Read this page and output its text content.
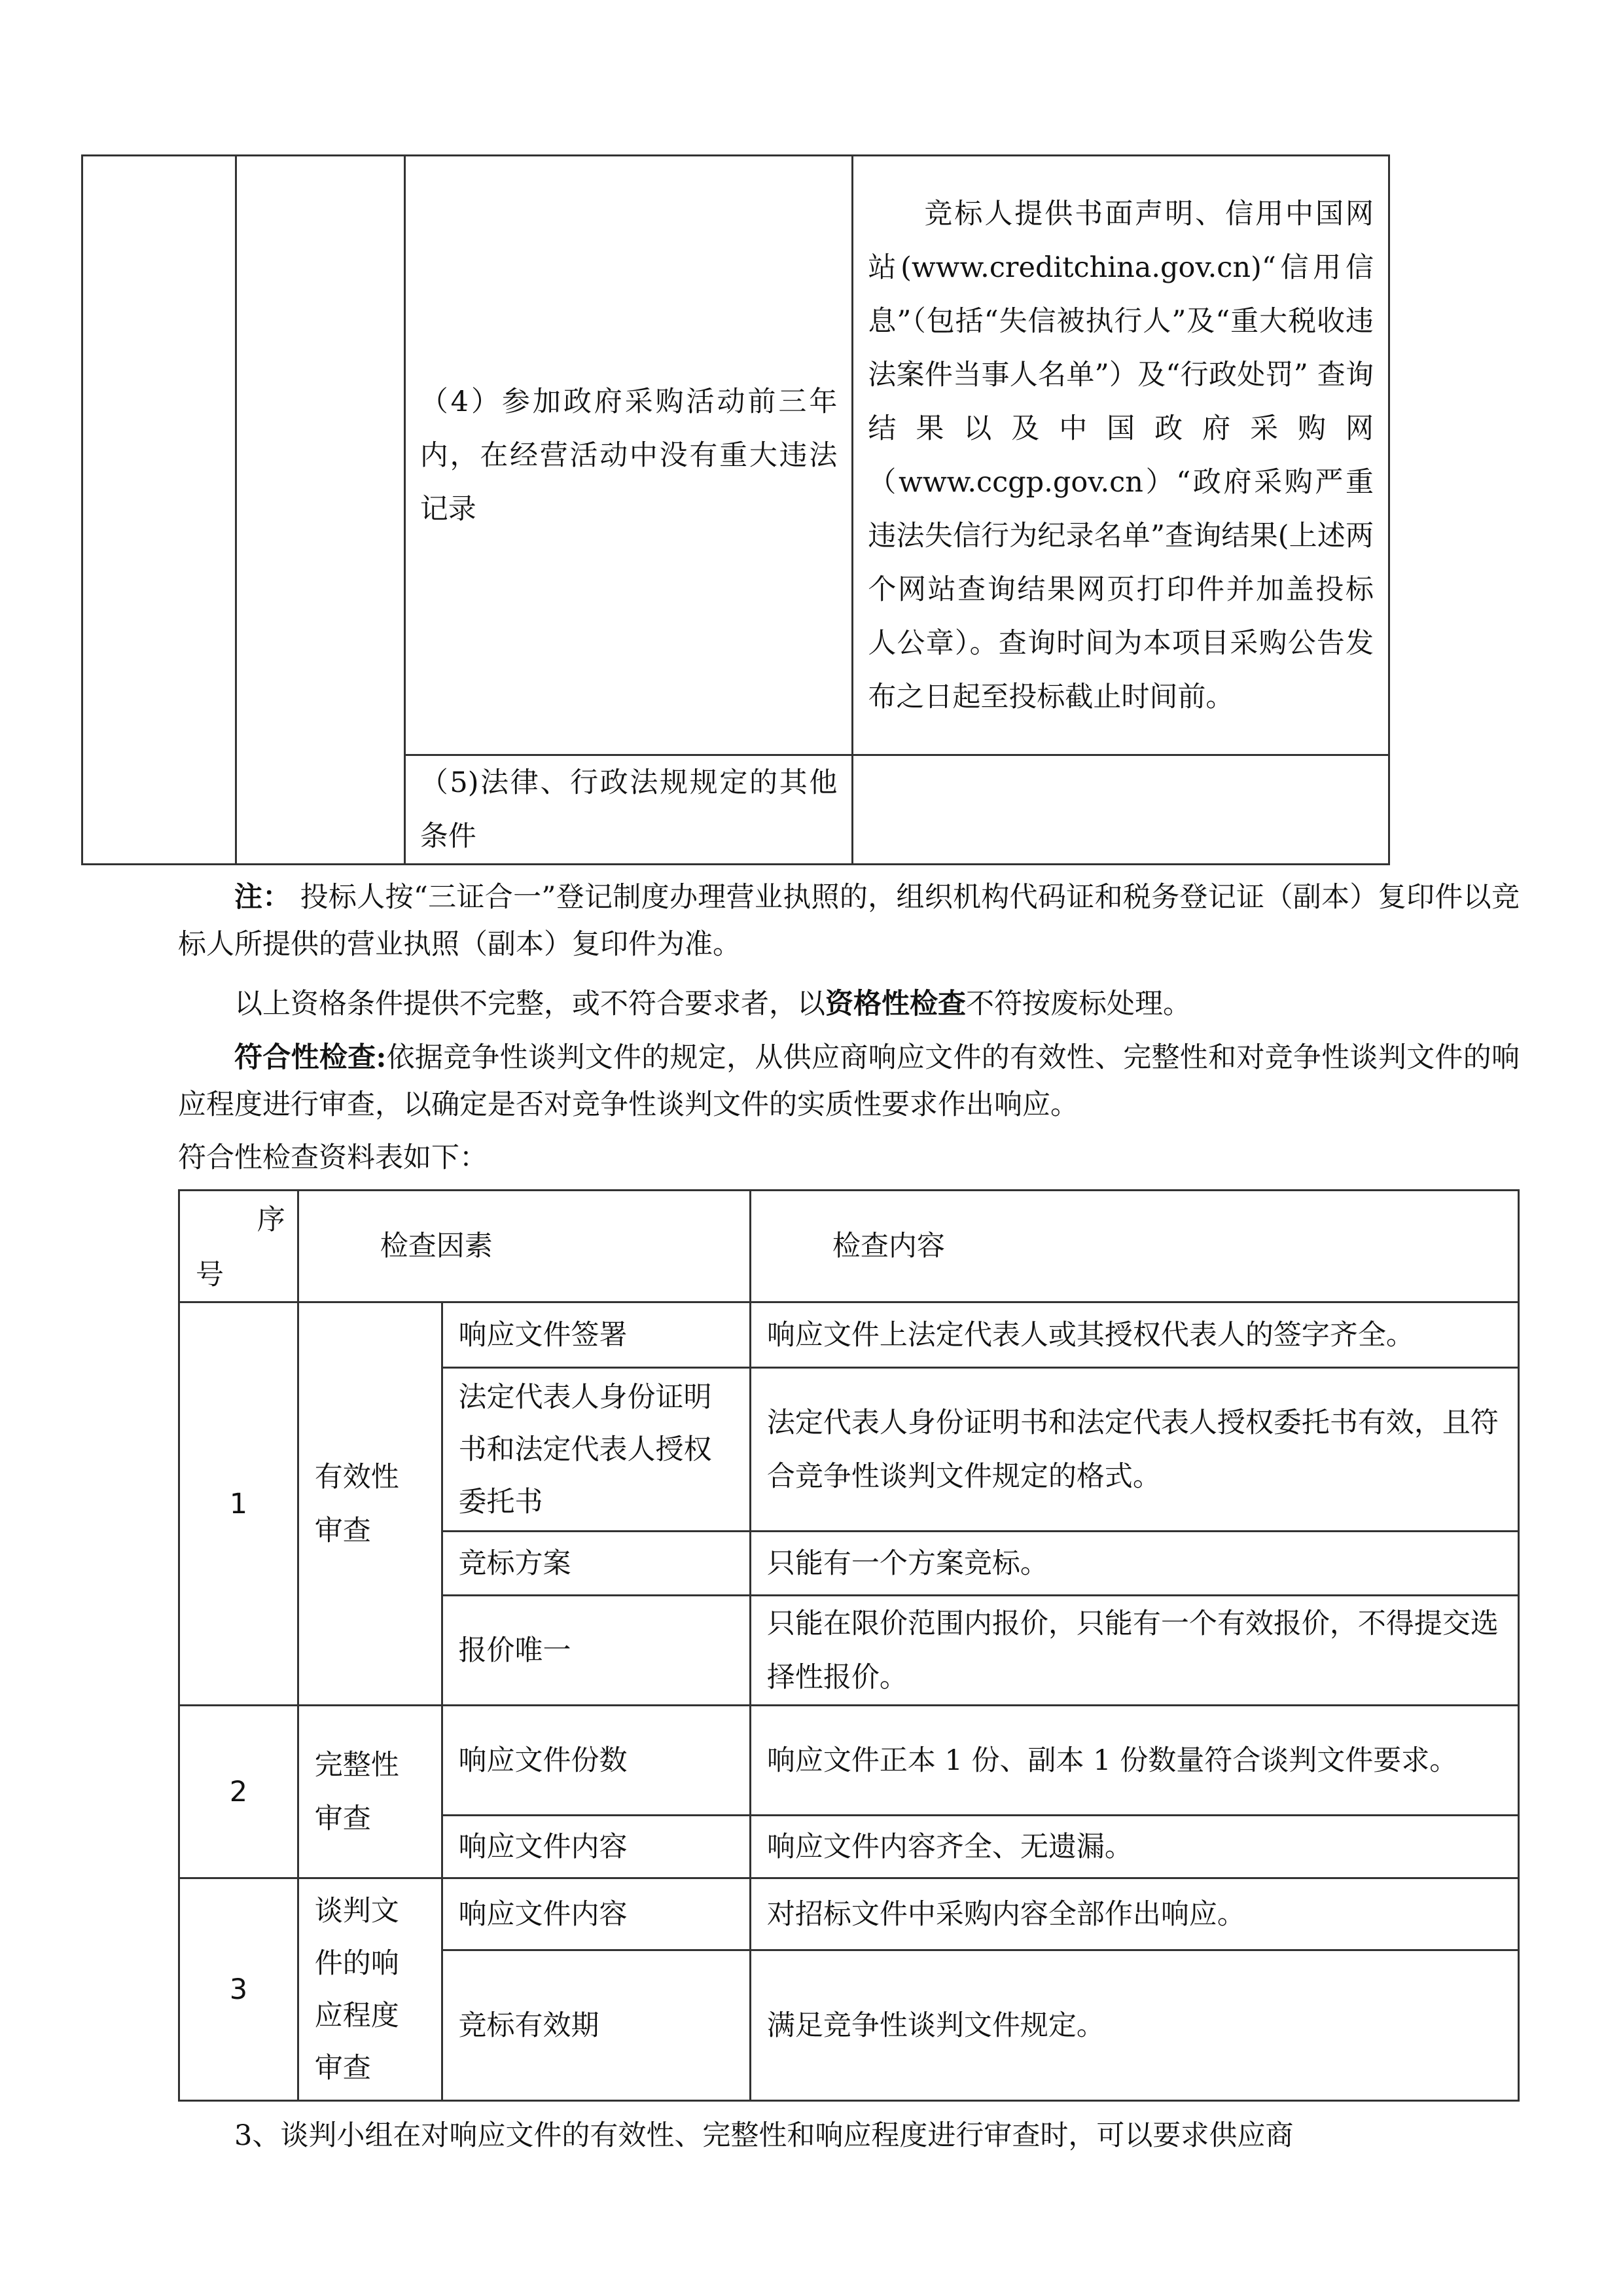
		（4）参加政府采购活动前三年内，在经营活动中没有重大违法记录	竞标人提供书面声明、信用中国网站(www.creditchina.gov.cn)“信用信息”（包括“失信被执行人”及“重大税收违法案件当事人名单”）及“行政处罚” 查询结果以及中国政府采购网（www.ccgp.gov.cn）“政府采购严重违法失信行为纪录名单”查询结果(上述两个网站查询结果网页打印件并加盖投标人公章）。查询时间为本项目采购公告发布之日起至投标截止时间前。

		（5)法律、行政法规规定的其他条件	

注： 投标人按“三证合一”登记制度办理营业执照的，组织机构代码证和税务登记证（副本）复印件以竞标人所提供的营业执照（副本）复印件为准。

以上资格条件提供不完整，或不符合要求者，以资格性检查不符按废标处理。

符合性检查:依据竞争性谈判文件的规定，从供应商响应文件的有效性、完整性和对竞争性谈判文件的响应程度进行审查，以确定是否对竞争性谈判文件的实质性要求作出响应。

符合性检查资料表如下：

序
号	检查因素		检查内容
1	有效性审查	响应文件签署	响应文件上法定代表人或其授权代表人的签字齐全。
		法定代表人身份证明书和法定代表人授权委托书	法定代表人身份证明书和法定代表人授权委托书有效，且符合竞争性谈判文件规定的格式。
		竞标方案	只能有一个方案竞标。
		报价唯一	只能在限价范围内报价，只能有一个有效报价，不得提交选择性报价。
2	完整性审查	响应文件份数	响应文件正本 1 份、副本 1 份数量符合谈判文件要求。
		响应文件内容	响应文件内容齐全、无遗漏。
3	谈判文件的响应程度审查	响应文件内容	对招标文件中采购内容全部作出响应。
		竞标有效期	满足竞争性谈判文件规定。

3、谈判小组在对响应文件的有效性、完整性和响应程度进行审查时，可以要求供应商
